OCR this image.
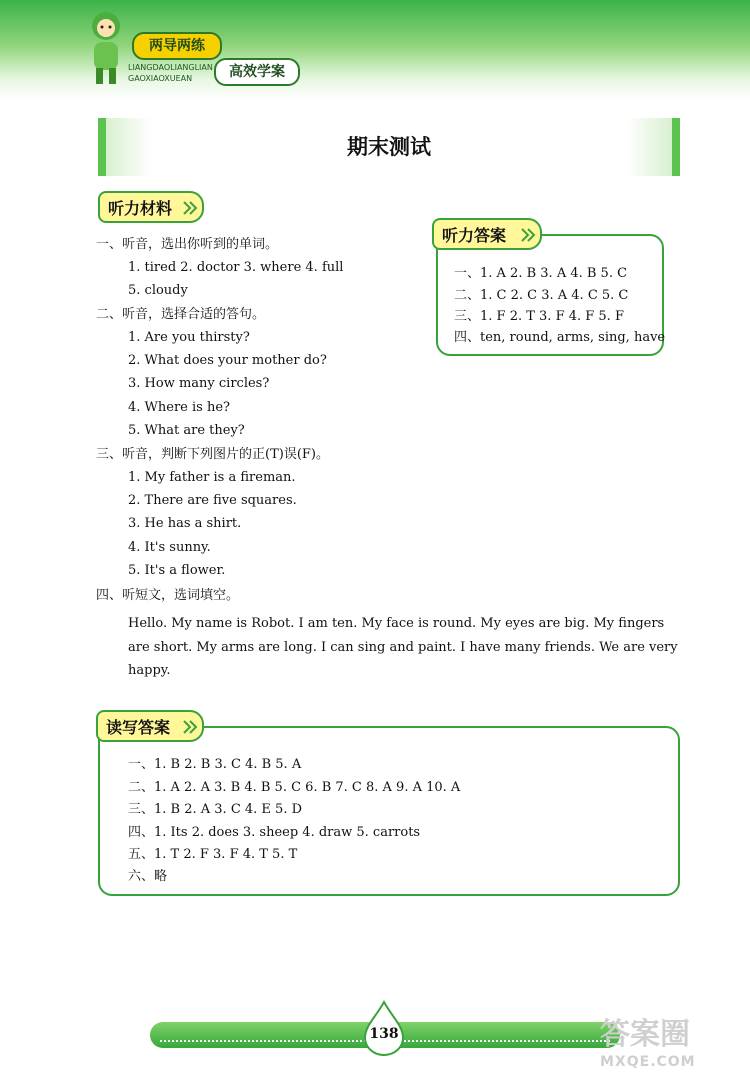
两导两练
LIANGDAOLIANGLIAN
GAOXIAOXUEAN	高效学案
期末测试
听力材料
一、听音，选出你听到的单词。
1. tired 2. doctor 3. where 4. full
5. cloudy
二、听音，选择合适的答句。
1. Are you thirsty?
2. What does your mother do?
3. How many circles?
4. Where is he?
5. What are they?
三、听音，判断下列图片的正(T)误(F)。
1. My father is a fireman.
2. There are five squares.
3. He has a shirt.
4. It's sunny.
5. It's a flower.
四、听短文，选词填空。
Hello. My name is Robot. I am ten. My face is round. My eyes are big. My fingers are short. My arms are long. I can sing and paint. I have many friends. We are very happy.
听力答案
一、1. A 2. B 3. A 4. B 5. C
二、1. C 2. C 3. A 4. C 5. C
三、1. F 2. T 3. F 4. F 5. F
四、ten, round, arms, sing, have
读写答案
一、1. B 2. B 3. C 4. B 5. A
二、1. A 2. A 3. B 4. B 5. C 6. B 7. C 8. A 9. A 10. A
三、1. B 2. A 3. C 4. E 5. D
四、1. Its 2. does 3. sheep 4. draw 5. carrots
五、1. T 2. F 3. F 4. T 5. T
六、略
138	答案圈
MXQE.COM
